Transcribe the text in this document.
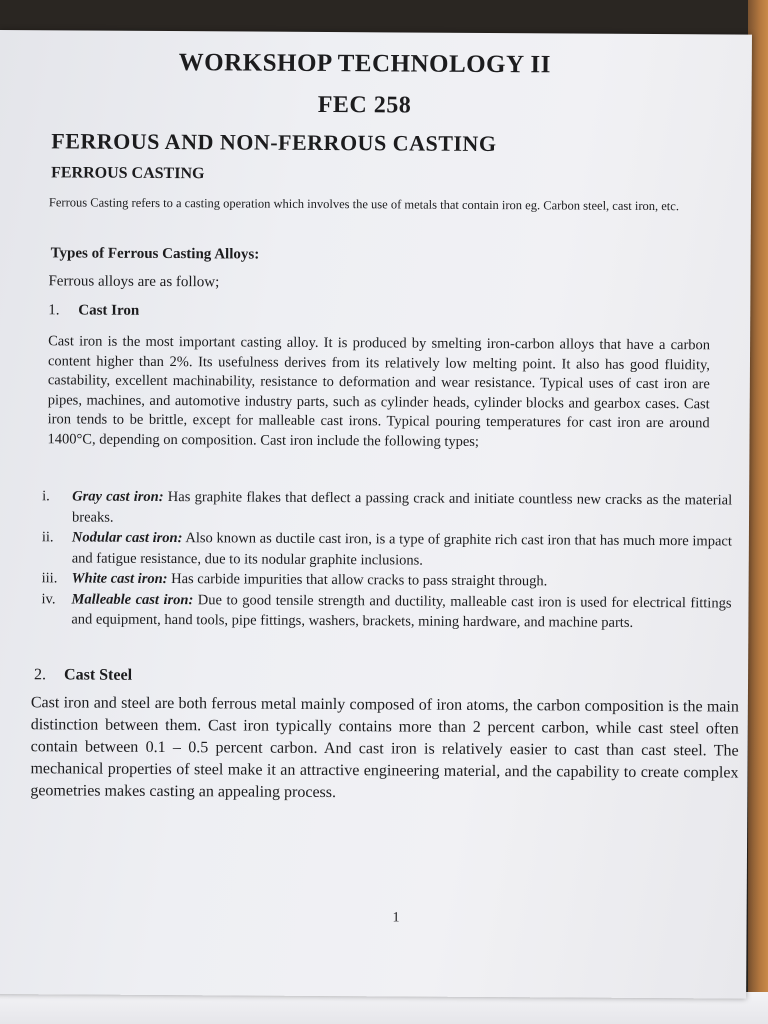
WORKSHOP TECHNOLOGY II
FEC 258
FERROUS AND NON-FERROUS CASTING
FERROUS CASTING
Ferrous Casting refers to a casting operation which involves the use of metals that contain iron eg. Carbon steel, cast iron, etc.
Types of Ferrous Casting Alloys:
Ferrous alloys are as follow;
1. Cast Iron
Cast iron is the most important casting alloy. It is produced by smelting iron-carbon alloys that have a carbon content higher than 2%. Its usefulness derives from its relatively low melting point. It also has good fluidity, castability, excellent machinability, resistance to deformation and wear resistance. Typical uses of cast iron are pipes, machines, and automotive industry parts, such as cylinder heads, cylinder blocks and gearbox cases. Cast iron tends to be brittle, except for malleable cast irons. Typical pouring temperatures for cast iron are around 1400°C, depending on composition. Cast iron include the following types;
i.	Gray cast iron: Has graphite flakes that deflect a passing crack and initiate countless new cracks as the material breaks.
ii.	Nodular cast iron: Also known as ductile cast iron, is a type of graphite rich cast iron that has much more impact and fatigue resistance, due to its nodular graphite inclusions.
iii. White cast iron: Has carbide impurities that allow cracks to pass straight through.
iv.	Malleable cast iron: Due to good tensile strength and ductility, malleable cast iron is used for electrical fittings and equipment, hand tools, pipe fittings, washers, brackets, mining hardware, and machine parts.
2. Cast Steel
Cast iron and steel are both ferrous metal mainly composed of iron atoms, the carbon composition is the main distinction between them. Cast iron typically contains more than 2 percent carbon, while cast steel often contain between 0.1 – 0.5 percent carbon. And cast iron is relatively easier to cast than cast steel. The mechanical properties of steel make it an attractive engineering material, and the capability to create complex geometries makes casting an appealing process.
1
